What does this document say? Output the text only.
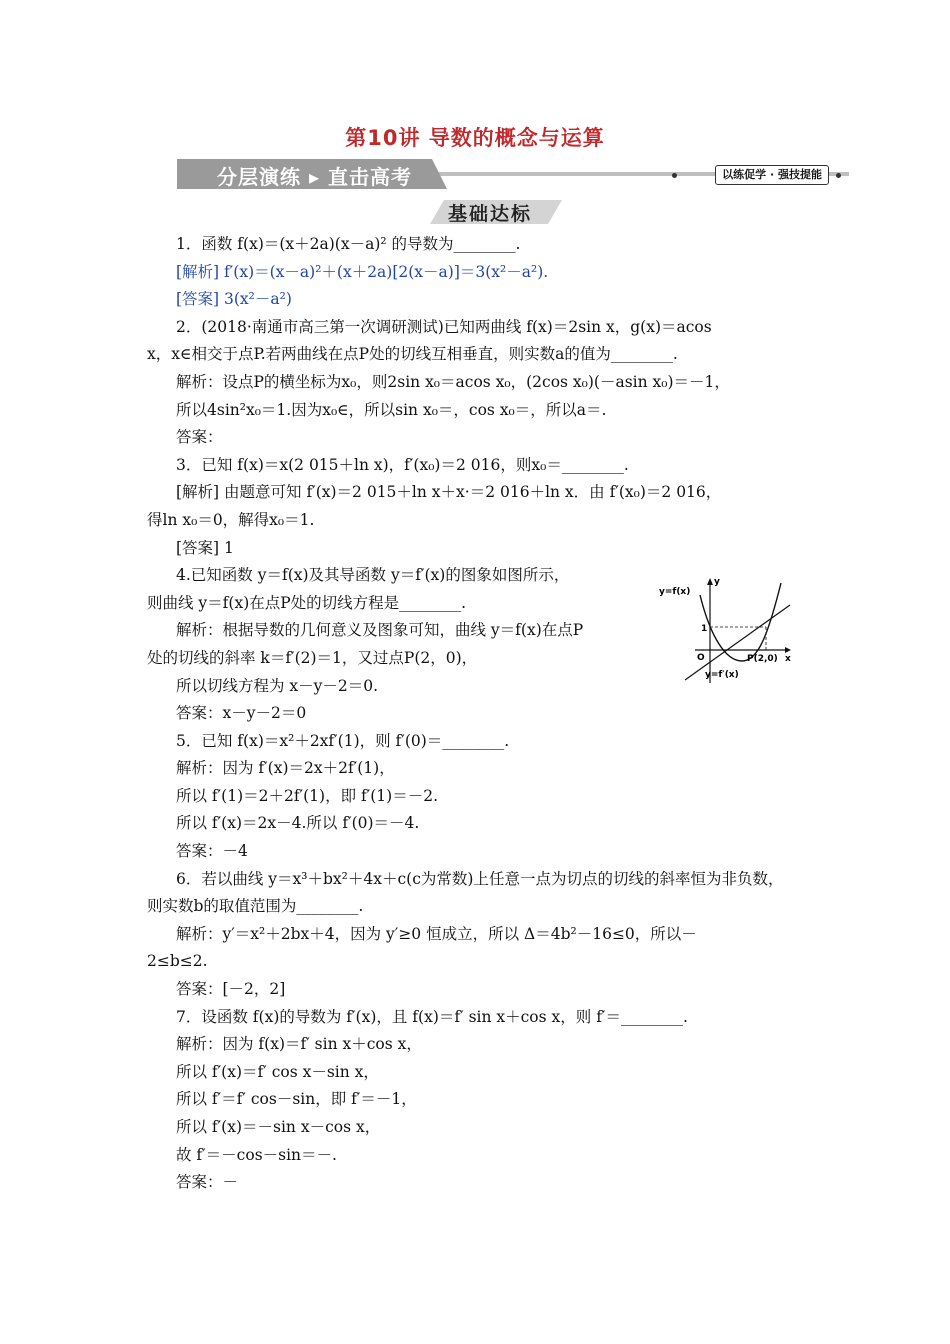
第10讲 导数的概念与运算
分层演练 ▸ 直击高考	以练促学 · 强技提能
基础达标
1．函数 f(x)＝(x＋2a)(x－a)² 的导数为________.
[解析] f′(x)＝(x－a)²＋(x＋2a)[2(x－a)]＝3(x²－a²).
[答案] 3(x²－a²)
2．(2018·南通市高三第一次调研测试)已知两曲线 f(x)＝2sin x，g(x)＝acos
x，x∈相交于点P.若两曲线在点P处的切线互相垂直，则实数a的值为________.
解析：设点P的横坐标为x₀，则2sin x₀＝acos x₀，(2cos x₀)(－asin x₀)＝－1，
所以4sin²x₀＝1.因为x₀∈，所以sin x₀＝，cos x₀＝，所以a＝.
答案：
3．已知 f(x)＝x(2 015＋ln x)，f′(x₀)＝2 016，则x₀＝________.
[解析] 由题意可知 f′(x)＝2 015＋ln x＋x·＝2 016＋ln x．由 f′(x₀)＝2 016，
得ln x₀＝0，解得x₀＝1.
[答案] 1
4.已知函数 y＝f(x)及其导函数 y＝f′(x)的图象如图所示，
则曲线 y＝f(x)在点P处的切线方程是________.
解析：根据导数的几何意义及图象可知，曲线 y＝f(x)在点P
处的切线的斜率 k＝f′(2)＝1，又过点P(2，0)，
所以切线方程为 x－y－2＝0.
答案：x－y－2＝0
5．已知 f(x)＝x²＋2xf′(1)，则 f′(0)＝________.
解析：因为 f′(x)＝2x＋2f′(1)，
所以 f′(1)＝2＋2f′(1)，即 f′(1)＝－2.
所以 f′(x)＝2x－4.所以 f′(0)＝－4.
答案：－4
6．若以曲线 y＝x³＋bx²＋4x＋c(c为常数)上任意一点为切点的切线的斜率恒为非负数，
则实数b的取值范围为________.
解析：y′＝x²＋2bx＋4，因为 y′≥0 恒成立，所以 Δ＝4b²－16≤0，所以－
2≤b≤2.
答案：[－2，2]
7．设函数 f(x)的导数为 f′(x)，且 f(x)＝f′ sin x＋cos x，则 f′＝________.
解析：因为 f(x)＝f′ sin x＋cos x，
所以 f′(x)＝f′ cos x－sin x，
所以 f′＝f′ cos－sin，即 f′＝－1，
所以 f′(x)＝－sin x－cos x，
故 f′＝－cos－sin＝－.
答案：－
y=f(x)
y=f′(x)
y
x
O
1
P(2,0)
